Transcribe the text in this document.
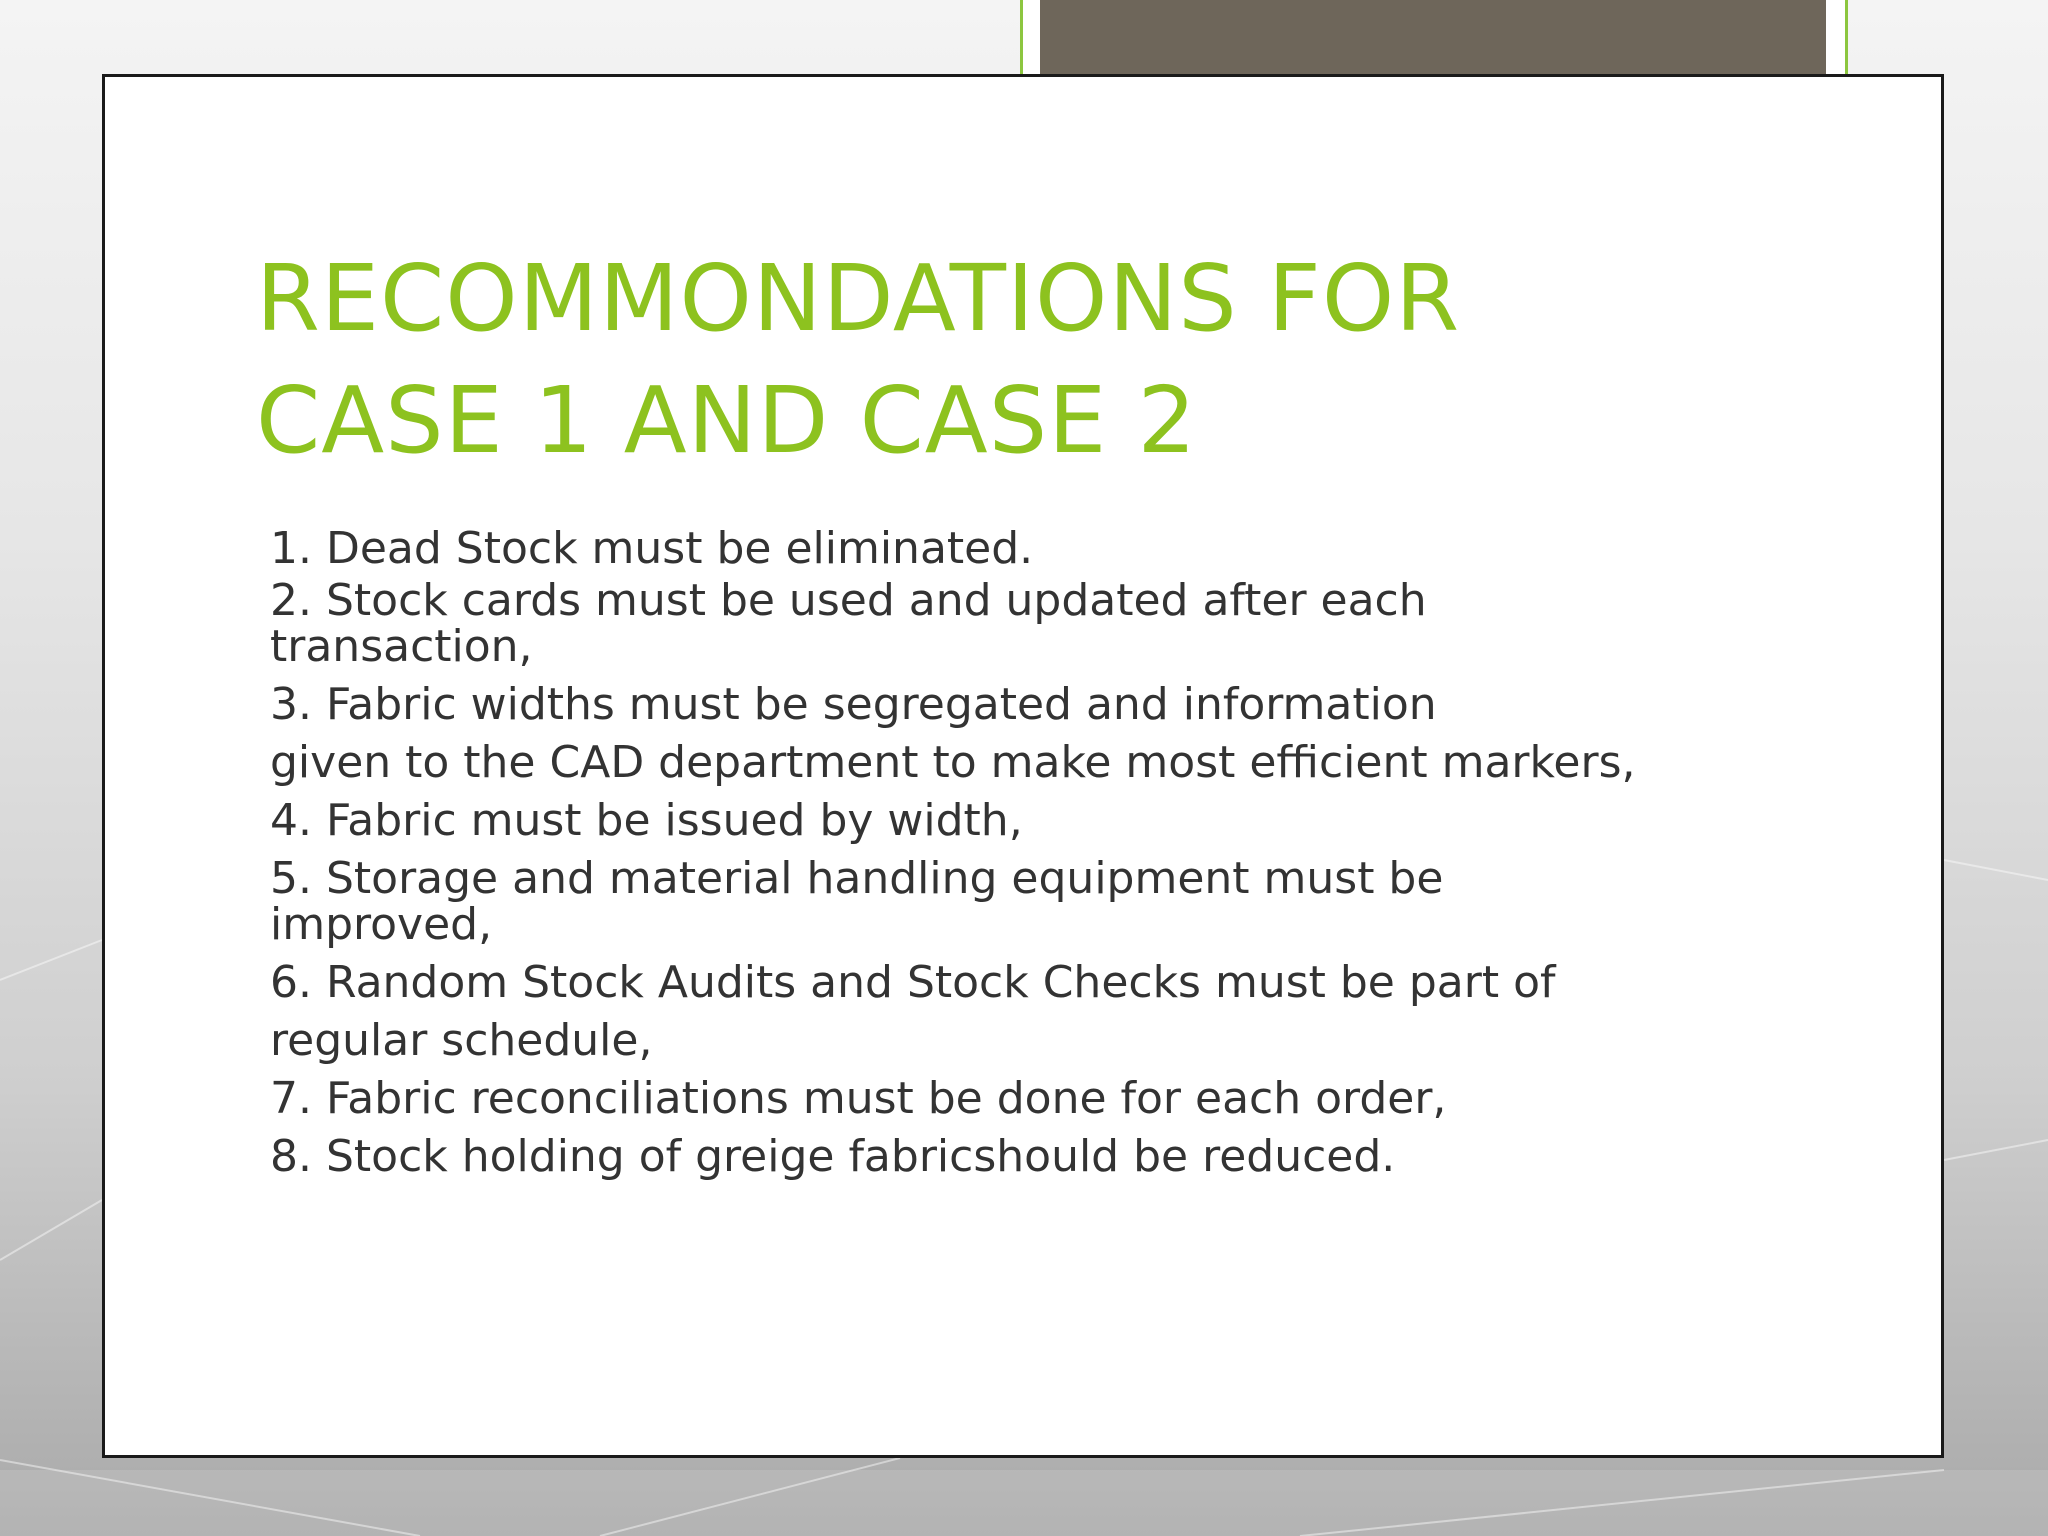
RECOMMONDATIONS FOR
CASE 1 AND CASE 2
1. Dead Stock must be eliminated.
2. Stock cards must be used and updated after each
transaction,
3. Fabric widths must be segregated and information
given to the CAD department to make most efficient markers,
4. Fabric must be issued by width,
5. Storage and material handling equipment must be
improved,
6. Random Stock Audits and Stock Checks must be part of
regular schedule,
7. Fabric reconciliations must be done for each order,
8. Stock holding of greige fabricshould be reduced.
